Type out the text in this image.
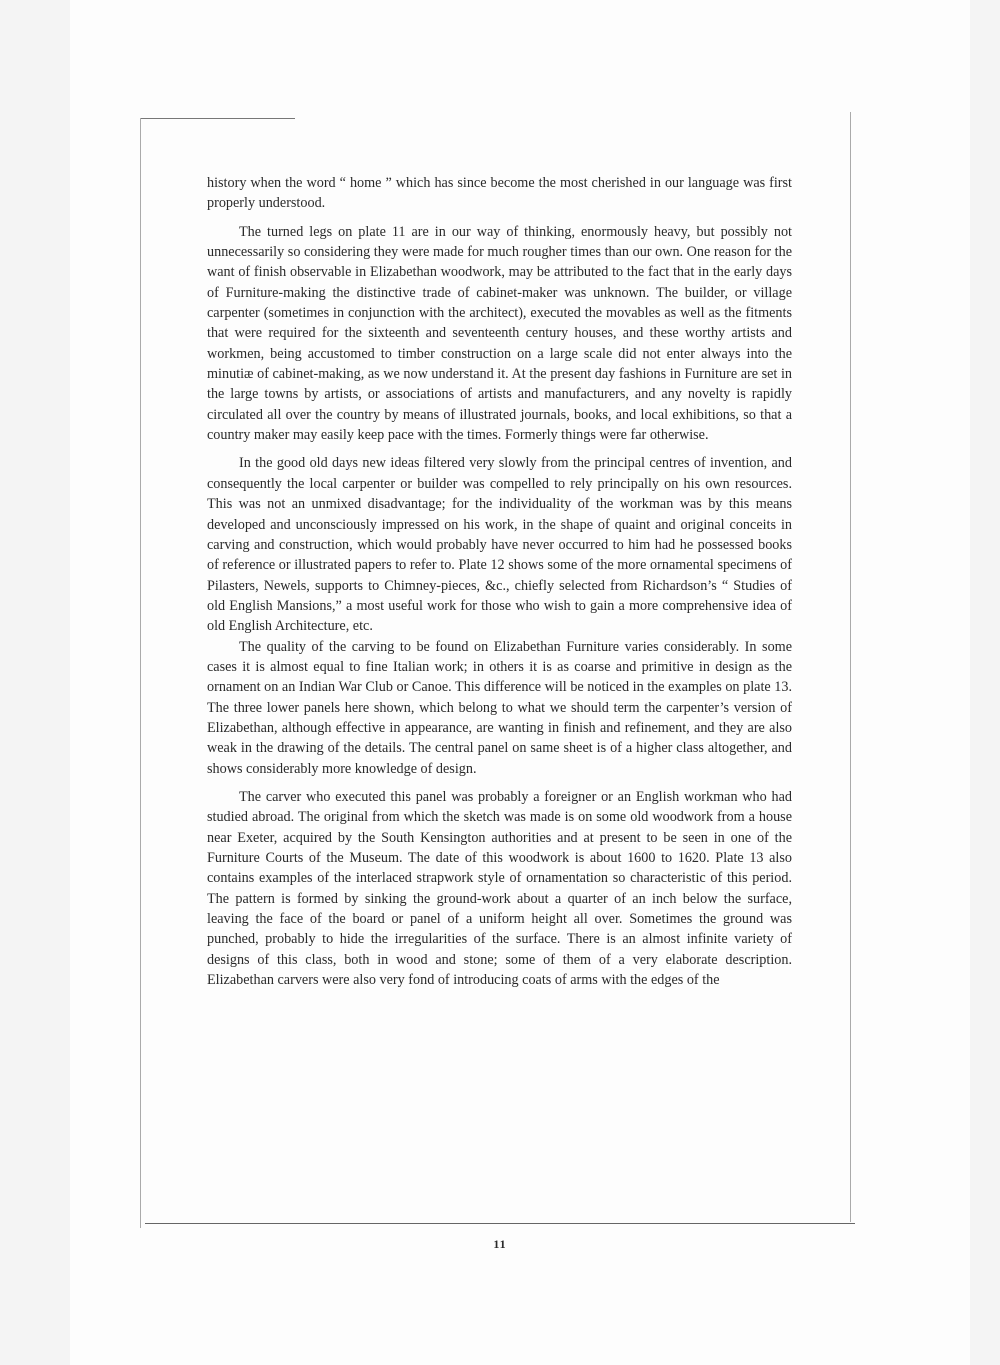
history when the word “ home ” which has since become the most cherished in our language was first properly understood.

The turned legs on plate 11 are in our way of thinking, enormously heavy, but possibly not unnecessarily so considering they were made for much rougher times than our own. One reason for the want of finish observable in Elizabethan woodwork, may be attributed to the fact that in the early days of Furniture-making the distinctive trade of cabinet-maker was unknown. The builder, or village carpenter (sometimes in conjunction with the architect), executed the movables as well as the fitments that were required for the sixteenth and seventeenth century houses, and these worthy artists and workmen, being accustomed to timber construction on a large scale did not enter always into the minutiæ of cabinet-making, as we now understand it. At the present day fashions in Furniture are set in the large towns by artists, or associations of artists and manufacturers, and any novelty is rapidly circulated all over the country by means of illustrated journals, books, and local exhibitions, so that a country maker may easily keep pace with the times. Formerly things were far otherwise.

In the good old days new ideas filtered very slowly from the principal centres of invention, and consequently the local carpenter or builder was compelled to rely principally on his own resources. This was not an unmixed disadvantage; for the individuality of the workman was by this means developed and unconsciously impressed on his work, in the shape of quaint and original conceits in carving and construction, which would probably have never occurred to him had he possessed books of reference or illustrated papers to refer to. Plate 12 shows some of the more ornamental specimens of Pilasters, Newels, supports to Chimney-pieces, &c., chiefly selected from Richardson’s “ Studies of old English Mansions,” a most useful work for those who wish to gain a more comprehensive idea of old English Architecture, etc.

The quality of the carving to be found on Elizabethan Furniture varies considerably. In some cases it is almost equal to fine Italian work; in others it is as coarse and primitive in design as the ornament on an Indian War Club or Canoe. This difference will be noticed in the examples on plate 13. The three lower panels here shown, which belong to what we should term the carpenter’s version of Elizabethan, although effective in appearance, are wanting in finish and refinement, and they are also weak in the drawing of the details. The central panel on same sheet is of a higher class altogether, and shows considerably more knowledge of design.

The carver who executed this panel was probably a foreigner or an English workman who had studied abroad. The original from which the sketch was made is on some old woodwork from a house near Exeter, acquired by the South Kensington authorities and at present to be seen in one of the Furniture Courts of the Museum. The date of this woodwork is about 1600 to 1620. Plate 13 also contains examples of the interlaced strapwork style of ornamentation so characteristic of this period. The pattern is formed by sinking the ground-work about a quarter of an inch below the surface, leaving the face of the board or panel of a uniform height all over. Sometimes the ground was punched, probably to hide the irregularities of the surface. There is an almost infinite variety of designs of this class, both in wood and stone; some of them of a very elaborate description. Elizabethan carvers were also very fond of introducing coats of arms with the edges of the

11
